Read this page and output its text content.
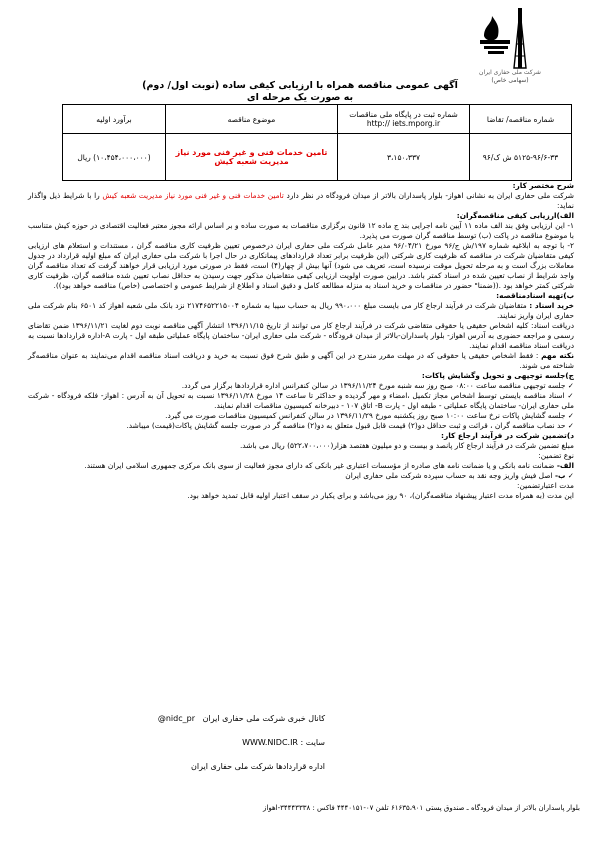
شرکت ملی حفاری ایران
(سهامی خاص)
آگهی عمومی مناقصه همراه با ارزیابی کیفی ساده (نوبت اول/ دوم)
به صورت یک مرحله ای
شماره مناقصه/ تقاضا	شماره ثبت در پایگاه ملی مناقصات http:// iets.mporg.ir	موضوع مناقصه	برآورد اولیه
۵۱۲۵-۹۶/۶-۳۳ ش ک/۹۶	۳،۱۵۰،۳۳۷	تامین خدمات فنی و غیر فنی مورد نیاز مدیریت شعبه کیش	(۱۰،۴۵۴،۰۰۰،۰۰۰) ریال

شرح مختصر کار:
شرکت ملی حفاری ایران به نشانی اهواز- بلوار پاسداران بالاتر از میدان فرودگاه در نظر دارد تامین خدمات فنی و غیر فنی مورد نیاز مدیریت شعبه کیش را با شرایط ذیل واگذار نماید:

الف)ارزیابی کیفی مناقصه‌گران:

۱- این ارزیابی وفق بند الف ماده ۱۱ آیین نامه اجرایی بند ج ماده ۱۲ قانون برگزاری مناقصات به صورت ساده و بر اساس ارائه مجوز معتبر فعالیت اقتصادی در حوزه کیش متناسب با موضوع مناقصه در پاکت (ب) توسط مناقصه گران صورت می پذیرد.

۲- با توجه به ابلاغیه شماره ۱۹۷/ش ج/۹۶ مورخ ۹۶/۰۴/۲۱ مدیر عامل شرکت ملی حفاری ایران درخصوص تعیین ظرفیت کاری مناقصه گران ، مستندات و استعلام های ارزیابی کیفی متقاضیان شرکت در مناقصه که ظرفیت کاری شرکتی (این ظرفیت برابر تعداد قراردادهای پیمانکاری در حال اجرا با شرکت ملی حفاری ایران که مبلغ اولیه قرارداد در جدول معاملات بزرگ است و به مرحله تحویل موقت نرسیده است، تعریف می شود) آنها بیش از چهار(۴) است، فقط در صورتی مورد ارزیابی قرار خواهند گرفت که تعداد مناقصه گران واجد شرایط از نصاب تعیین شده در اسناد کمتر باشد. درایین صورت اولویت ارزیابی کیفی متقاضیان مذکور جهت رسیدن به حداقل نصاب تعیین شده مناقصه گران، ظرفیت کاری شرکتی کمتر خواهد بود .((ضمنا" حضور در مناقصات و خرید اسناد به منزله مطالعه کامل و دقیق اسناد و اطلاع از شرایط عمومی و اختصاصی (خاص) مناقصه خواهد بود)).

ب)تهیه اسنادمناقصه:

خرید اسناد : متقاضیان شرکت در فرآیند ارجاع کار می بایست مبلغ ۹۹۰،۰۰۰ ریال به حساب سیبا به شماره ۲۱۷۴۶۵۲۲۱۵۰۰۴ نزد بانک ملی شعبه اهواز کد ۶۵۰۱ بنام شرکت ملی حفاری ایران واریز نمایند.

دریافت اسناد: کلیه اشخاص حقیقی یا حقوقی متقاضی شرکت در فرآیند ارجاع کار می توانند از تاریخ ۱۳۹۶/۱۱/۱۵ انتشار آگهی مناقصه نوبت دوم لغایت ۱۳۹۶/۱۱/۲۱ ضمن تقاضای رسمی و مراجعه حضوری به آدرس اهواز- بلوار پاسداران-بالاتر از میدان فرودگاه - شرکت ملی حفاری ایران- ساختمان پایگاه عملیاتی طبقه اول - پارت A-اداره قراردادها نسبت به دریافت اسناد مناقصه اقدام نمایند.

نکته مهم : فقط اشخاص حقیقی یا حقوقی که در مهلت مقرر مندرج در این آگهی و طبق شرح فوق نسبت به خرید و دریافت اسناد مناقصه اقدام می‌نمایند به عنوان مناقصه‌گر شناخته می شوند.

ج)جلسه توجیهی و تحویل وگشایش پاکات:

✓ جلسه توجیهی مناقصه ساعت ۰۸:۰۰ صبح روز سه شنبه مورخ ۱۳۹۶/۱۱/۲۴ در سالن کنفرانس اداره قراردادها برگزار می گردد.

✓ اسناد مناقصه بایستی توسط اشخاص مجاز تکمیل ،امضاء و مهر گردیده و حداکثر تا ساعت ۱۴ مورخ ۱۳۹۶/۱۱/۲۸ نسبت به تحویل آن به آدرس : اهواز- فلکه فرودگاه - شرکت ملی حفاری ایران- ساختمان پایگاه عملیاتی - طبقه اول - پارت B- اتاق ۱۰۷ - دبیرخانه کمیسیون مناقصات اقدام نمایند.

✓ جلسه گشایش پاکات نرخ ساعت ۱۰:۰۰ صبح روز یکشنبه مورخ ۱۳۹۶/۱۱/۲۹ در سالن کنفرانس کمیسیون مناقصات صورت می گیرد.

✓ حد نصاب مناقصه گران ، قرائت و ثبت حداقل دو(۲) قیمت قابل قبول متعلق به دو(۲) مناقصه گر در صورت جلسه گشایش پاکات(قیمت) میباشد.

د)تضمین شرکت در فرآیند ارجاع کار:

مبلغ تضمین شرکت در فرآیند ارجاع کار پانصد و بیست و دو میلیون هفتصد هزار(۵۲۲،۷۰۰،۰۰۰) ریال می باشد.

نوع تضمین:

الف- ضمانت نامه بانکی و یا ضمانت نامه های صادره از مؤسسات اعتباری غیر بانکی که دارای مجوز فعالیت از سوی بانک مرکزی جمهوری اسلامی ایران هستند.

✓ ب- اصل فیش واریز وجه نقد به حساب سپرده شرکت ملی حفاری ایران

مدت اعتبارتضمین:

این مدت (به همراه مدت اعتبار پیشنهاد مناقصه‌گران)، ۹۰ روز می‌باشد و برای یکبار در سقف اعتبار اولیه قابل تمدید خواهد بود.

کانال خبری شرکت ملی حفاری ایران   @nidc_pr

سایت : WWW.NIDC.IR

اداره قراردادها شرکت ملی حفاری ایران

بلوار پاسداران بالاتر از میدان فرودگاه ـ صندوق پستی ۶۱۶۳۵،۹۰۱ تلفن ۰۷-۴۴۴۰۱۵۱ فاکس : ۳۴۴۴۳۳۳۸-اهواز
